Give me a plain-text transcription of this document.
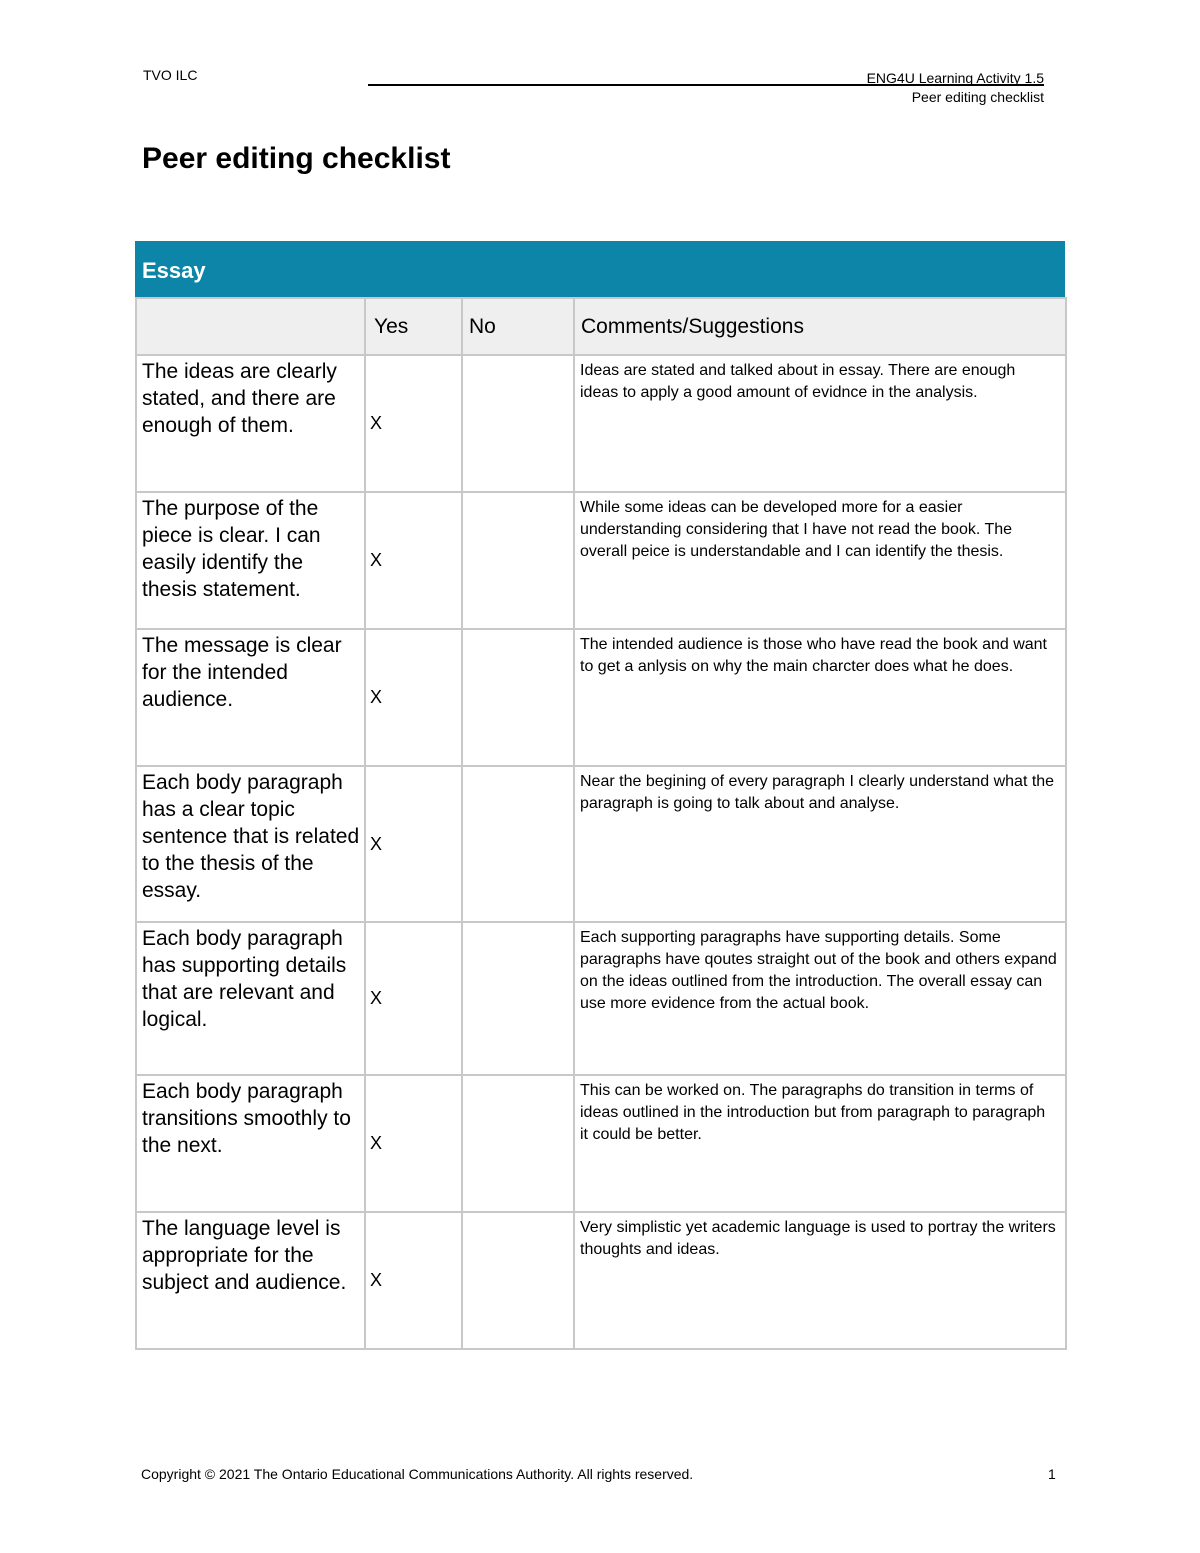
TVO ILC	ENG4U Learning Activity 1.5
Peer editing checklist
Peer editing checklist
Essay
	Yes	No	Comments/Suggestions
The ideas are clearly stated, and there are enough of them.	X		Ideas are stated and talked about in essay. There are enough ideas to apply a good amount of evidnce in the analysis.
The purpose of the piece is clear. I can easily identify the thesis statement.	X		While some ideas can be developed more for a easier understanding considering that I have not read the book. The overall peice is understandable and I can identify the thesis.
The message is clear for the intended audience.	X		The intended audience is those who have read the book and want to get a anlysis on why the main charcter does what he does.
Each body paragraph has a clear topic sentence that is related to the thesis of the essay.	X		Near the begining of every paragraph I clearly understand what the paragraph is going to talk about and analyse.
Each body paragraph has supporting details that are relevant and logical.	X		Each supporting paragraphs have supporting details. Some paragraphs have qoutes straight out of the book and others expand on the ideas outlined from the introduction. The overall essay can use more evidence from the actual book.
Each body paragraph transitions smoothly to the next.	X		This can be worked on. The paragraphs do transition in terms of ideas outlined in the introduction but from paragraph to paragraph it could be better.
The language level is appropriate for the subject and audience.	X		Very simplistic yet academic language is used to portray the writers thoughts and ideas.
Copyright © 2021 The Ontario Educational Communications Authority. All rights reserved.	1
